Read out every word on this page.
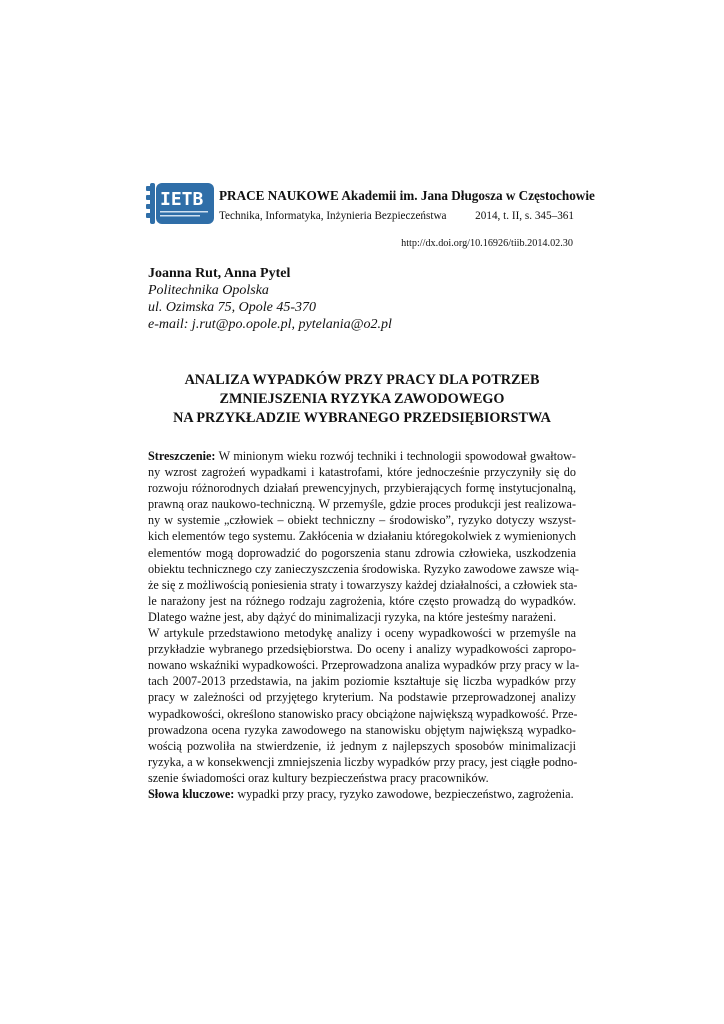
IETB PRACE NAUKOWE Akademii im. Jana Długosza w Częstochowie
Technika, Informatyka, Inżynieria Bezpieczeństwa	2014, t. II, s. 345–361
http://dx.doi.org/10.16926/tiib.2014.02.30
Joanna Rut, Anna Pytel
Politechnika Opolska
ul. Ozimska 75, Opole 45-370
e-mail: j.rut@po.opole.pl, pytelania@o2.pl
ANALIZA WYPADKÓW PRZY PRACY DLA POTRZEB
ZMNIEJSZENIA RYZYKA ZAWODOWEGO
NA PRZYKŁADZIE WYBRANEGO PRZEDSIĘBIORSTWA
Streszczenie: W minionym wieku rozwój techniki i technologii spowodował gwałtow-
ny wzrost zagrożeń wypadkami i katastrofami, które jednocześnie przyczyniły się do
rozwoju różnorodnych działań prewencyjnych, przybierających formę instytucjonalną,
prawną oraz naukowo-techniczną. W przemyśle, gdzie proces produkcji jest realizowa-
ny w systemie „człowiek – obiekt techniczny – środowisko”, ryzyko dotyczy wszyst-
kich elementów tego systemu. Zakłócenia w działaniu któregokolwiek z wymienionych
elementów mogą doprowadzić do pogorszenia stanu zdrowia człowieka, uszkodzenia
obiektu technicznego czy zanieczyszczenia środowiska. Ryzyko zawodowe zawsze wią-
że się z możliwością poniesienia straty i towarzyszy każdej działalności, a człowiek sta-
le narażony jest na różnego rodzaju zagrożenia, które często prowadzą do wypadków.
Dlatego ważne jest, aby dążyć do minimalizacji ryzyka, na które jesteśmy narażeni.
W artykule przedstawiono metodykę analizy i oceny wypadkowości w przemyśle na
przykładzie wybranego przedsiębiorstwa. Do oceny i analizy wypadkowości zapropo-
nowano wskaźniki wypadkowości. Przeprowadzona analiza wypadków przy pracy w la-
tach 2007-2013 przedstawia, na jakim poziomie kształtuje się liczba wypadków przy
pracy w zależności od przyjętego kryterium. Na podstawie przeprowadzonej analizy
wypadkowości, określono stanowisko pracy obciążone największą wypadkowość. Prze-
prowadzona ocena ryzyka zawodowego na stanowisku objętym największą wypadko-
wością pozwoliła na stwierdzenie, iż jednym z najlepszych sposobów minimalizacji
ryzyka, a w konsekwencji zmniejszenia liczby wypadków przy pracy, jest ciągłe podno-
szenie świadomości oraz kultury bezpieczeństwa pracy pracowników.
Słowa kluczowe: wypadki przy pracy, ryzyko zawodowe, bezpieczeństwo, zagrożenia.
